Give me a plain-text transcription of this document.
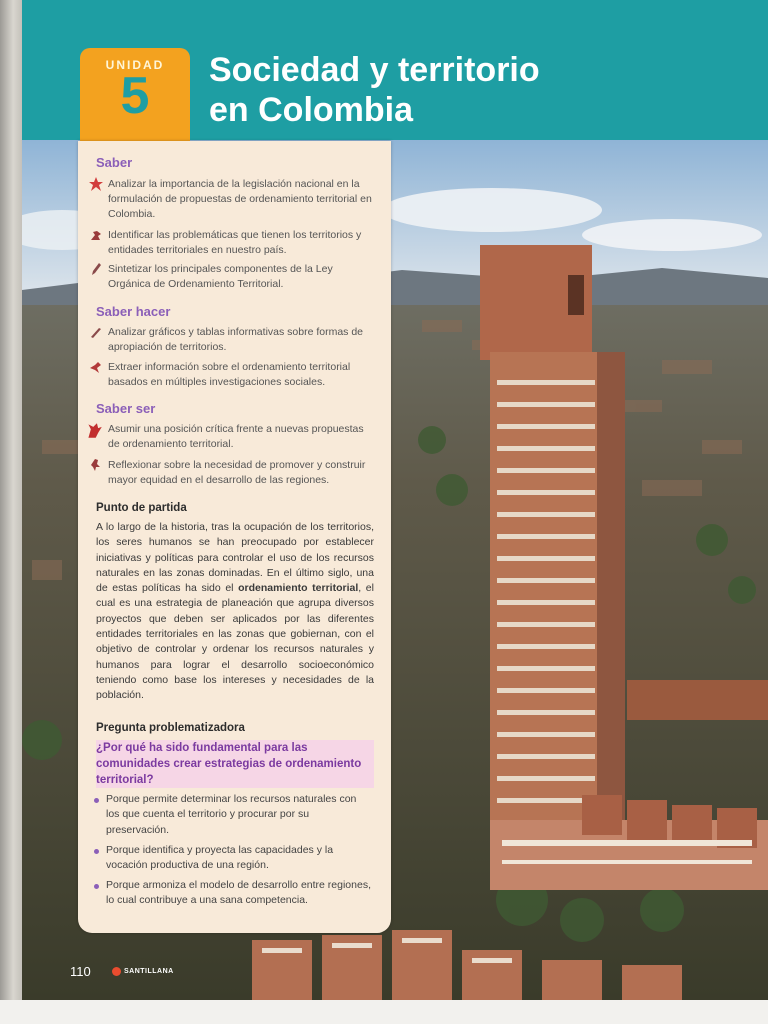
UNIDAD
5	Sociedad y territorio
en Colombia
Saber

Analizar la importancia de la legislación nacional en la formulación de propuestas de ordenamiento territorial en Colombia.

Identificar las problemáticas que tienen los territorios y entidades territoriales en nuestro país.

Sintetizar los principales componentes de la Ley Orgánica de Ordenamiento Territorial.

Saber hacer

Analizar gráficos y tablas informativas sobre formas de apropiación de territorios.

Extraer información sobre el ordenamiento territorial basados en múltiples investigaciones sociales.

Saber ser

Asumir una posición crítica frente a nuevas propuestas de ordenamiento territorial.

Reflexionar sobre la necesidad de promover y construir mayor equidad en el desarrollo de las regiones.

Punto de partida

A lo largo de la historia, tras la ocupación de los territorios, los seres humanos se han preocupado por establecer iniciativas y políticas para controlar el uso de los recursos naturales en las zonas dominadas. En el último siglo, una de estas políticas ha sido el ordenamiento territorial, el cual es una estrategia de planeación que agrupa diversos proyectos que deben ser aplicados por las diferentes entidades territoriales en las zonas que gobiernan, con el objetivo de controlar y ordenar los recursos naturales y humanos para lograr el desarrollo socioeconómico teniendo como base los intereses y necesidades de la población.

Pregunta problematizadora

¿Por qué ha sido fundamental para las comunidades crear estrategias de ordenamiento territorial?

Porque permite determinar los recursos naturales con los que cuenta el territorio y procurar por su preservación.

Porque identifica y proyecta las capacidades y la vocación productiva de una región.

Porque armoniza el modelo de desarrollo entre regiones, lo cual contribuye a una sana competencia.

110	SANTILLANA
